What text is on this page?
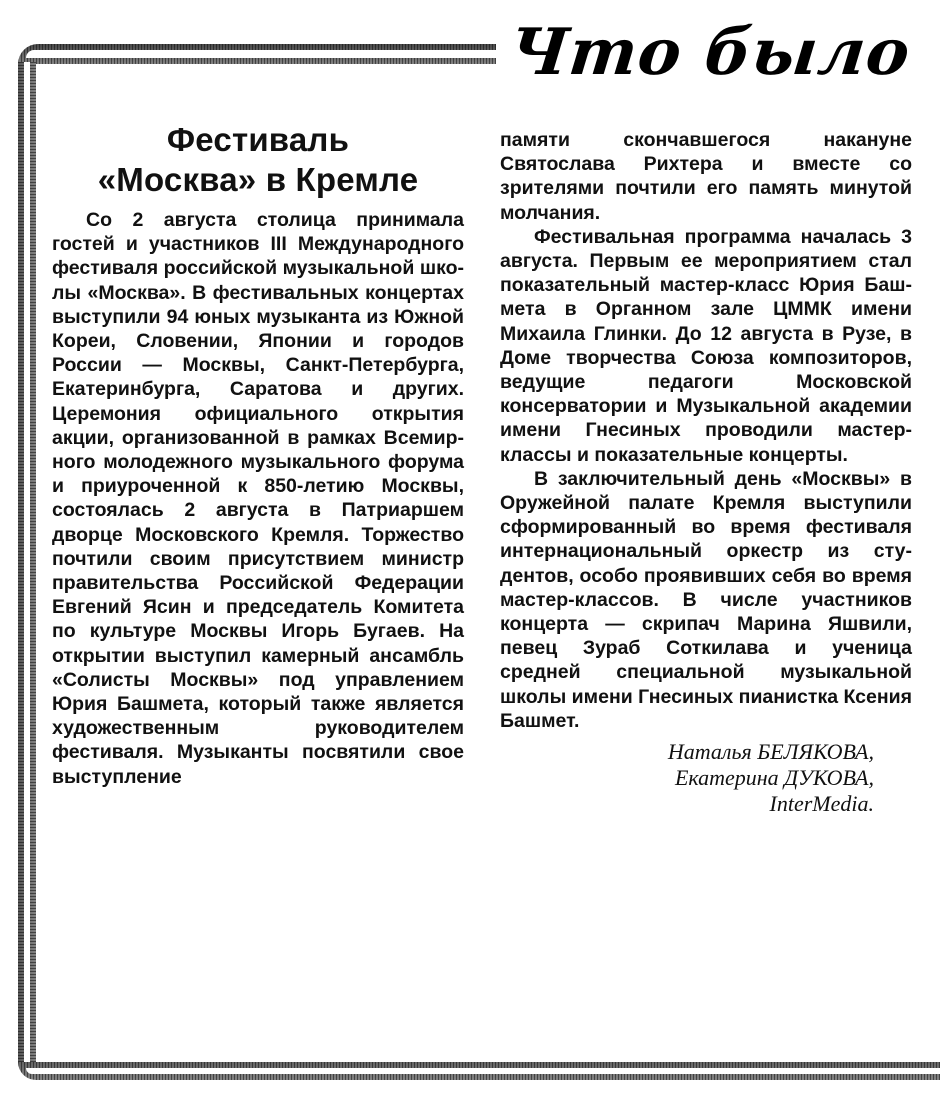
Что было
Фестиваль
«Москва» в Кремле

Со 2 августа столица принимала гостей и участников III Международного фестиваля российской музыкальной школы «Москва». В фестивальных концертах выступили 94 юных музыканта из Южной Кореи, Словении, Японии и городов России — Москвы, Санкт-Петербурга, Екатеринбурга, Саратова и других. Церемония официального открытия акции, организованной в рамках Всемирного молодежного музыкального форума и приуроченной к 850-летию Москвы, состоялась 2 августа в Патриаршем дворце Московского Кремля. Торжество почтили своим присутствием министр правительства Российской Федерации Евгений Ясин и председатель Комитета по культуре Москвы Игорь Бугаев. На открытии выступил камерный ансамбль «Солисты Москвы» под управлением Юрия Башмета, который также является художественным руководителем фестиваля. Музыканты посвятили свое выступление

памяти скончавшегося накануне Святослава Рихтера и вместе со зрителями почтили его память минутой молчания.

Фестивальная программа началась 3 августа. Первым ее мероприятием стал показательный мастер-класс Юрия Башмета в Органном зале ЦММК имени Михаила Глинки. До 12 августа в Рузе, в Доме творчества Союза композиторов, ведущие педагоги Московской консерватории и Музыкальной академии имени Гнесиных проводили мастер-классы и показательные концерты.

В заключительный день «Москвы» в Оружейной палате Кремля выступили сформированный во время фестиваля интернациональный оркестр из студентов, особо проявивших себя во время мастер-классов. В числе участников концерта — скрипач Марина Яшвили, певец Зураб Соткилава и ученица средней специальной музыкальной школы имени Гнесиных пианистка Ксения Башмет.

Наталья БЕЛЯКОВА,
Екатерина ДУКОВА,
InterMedia.
